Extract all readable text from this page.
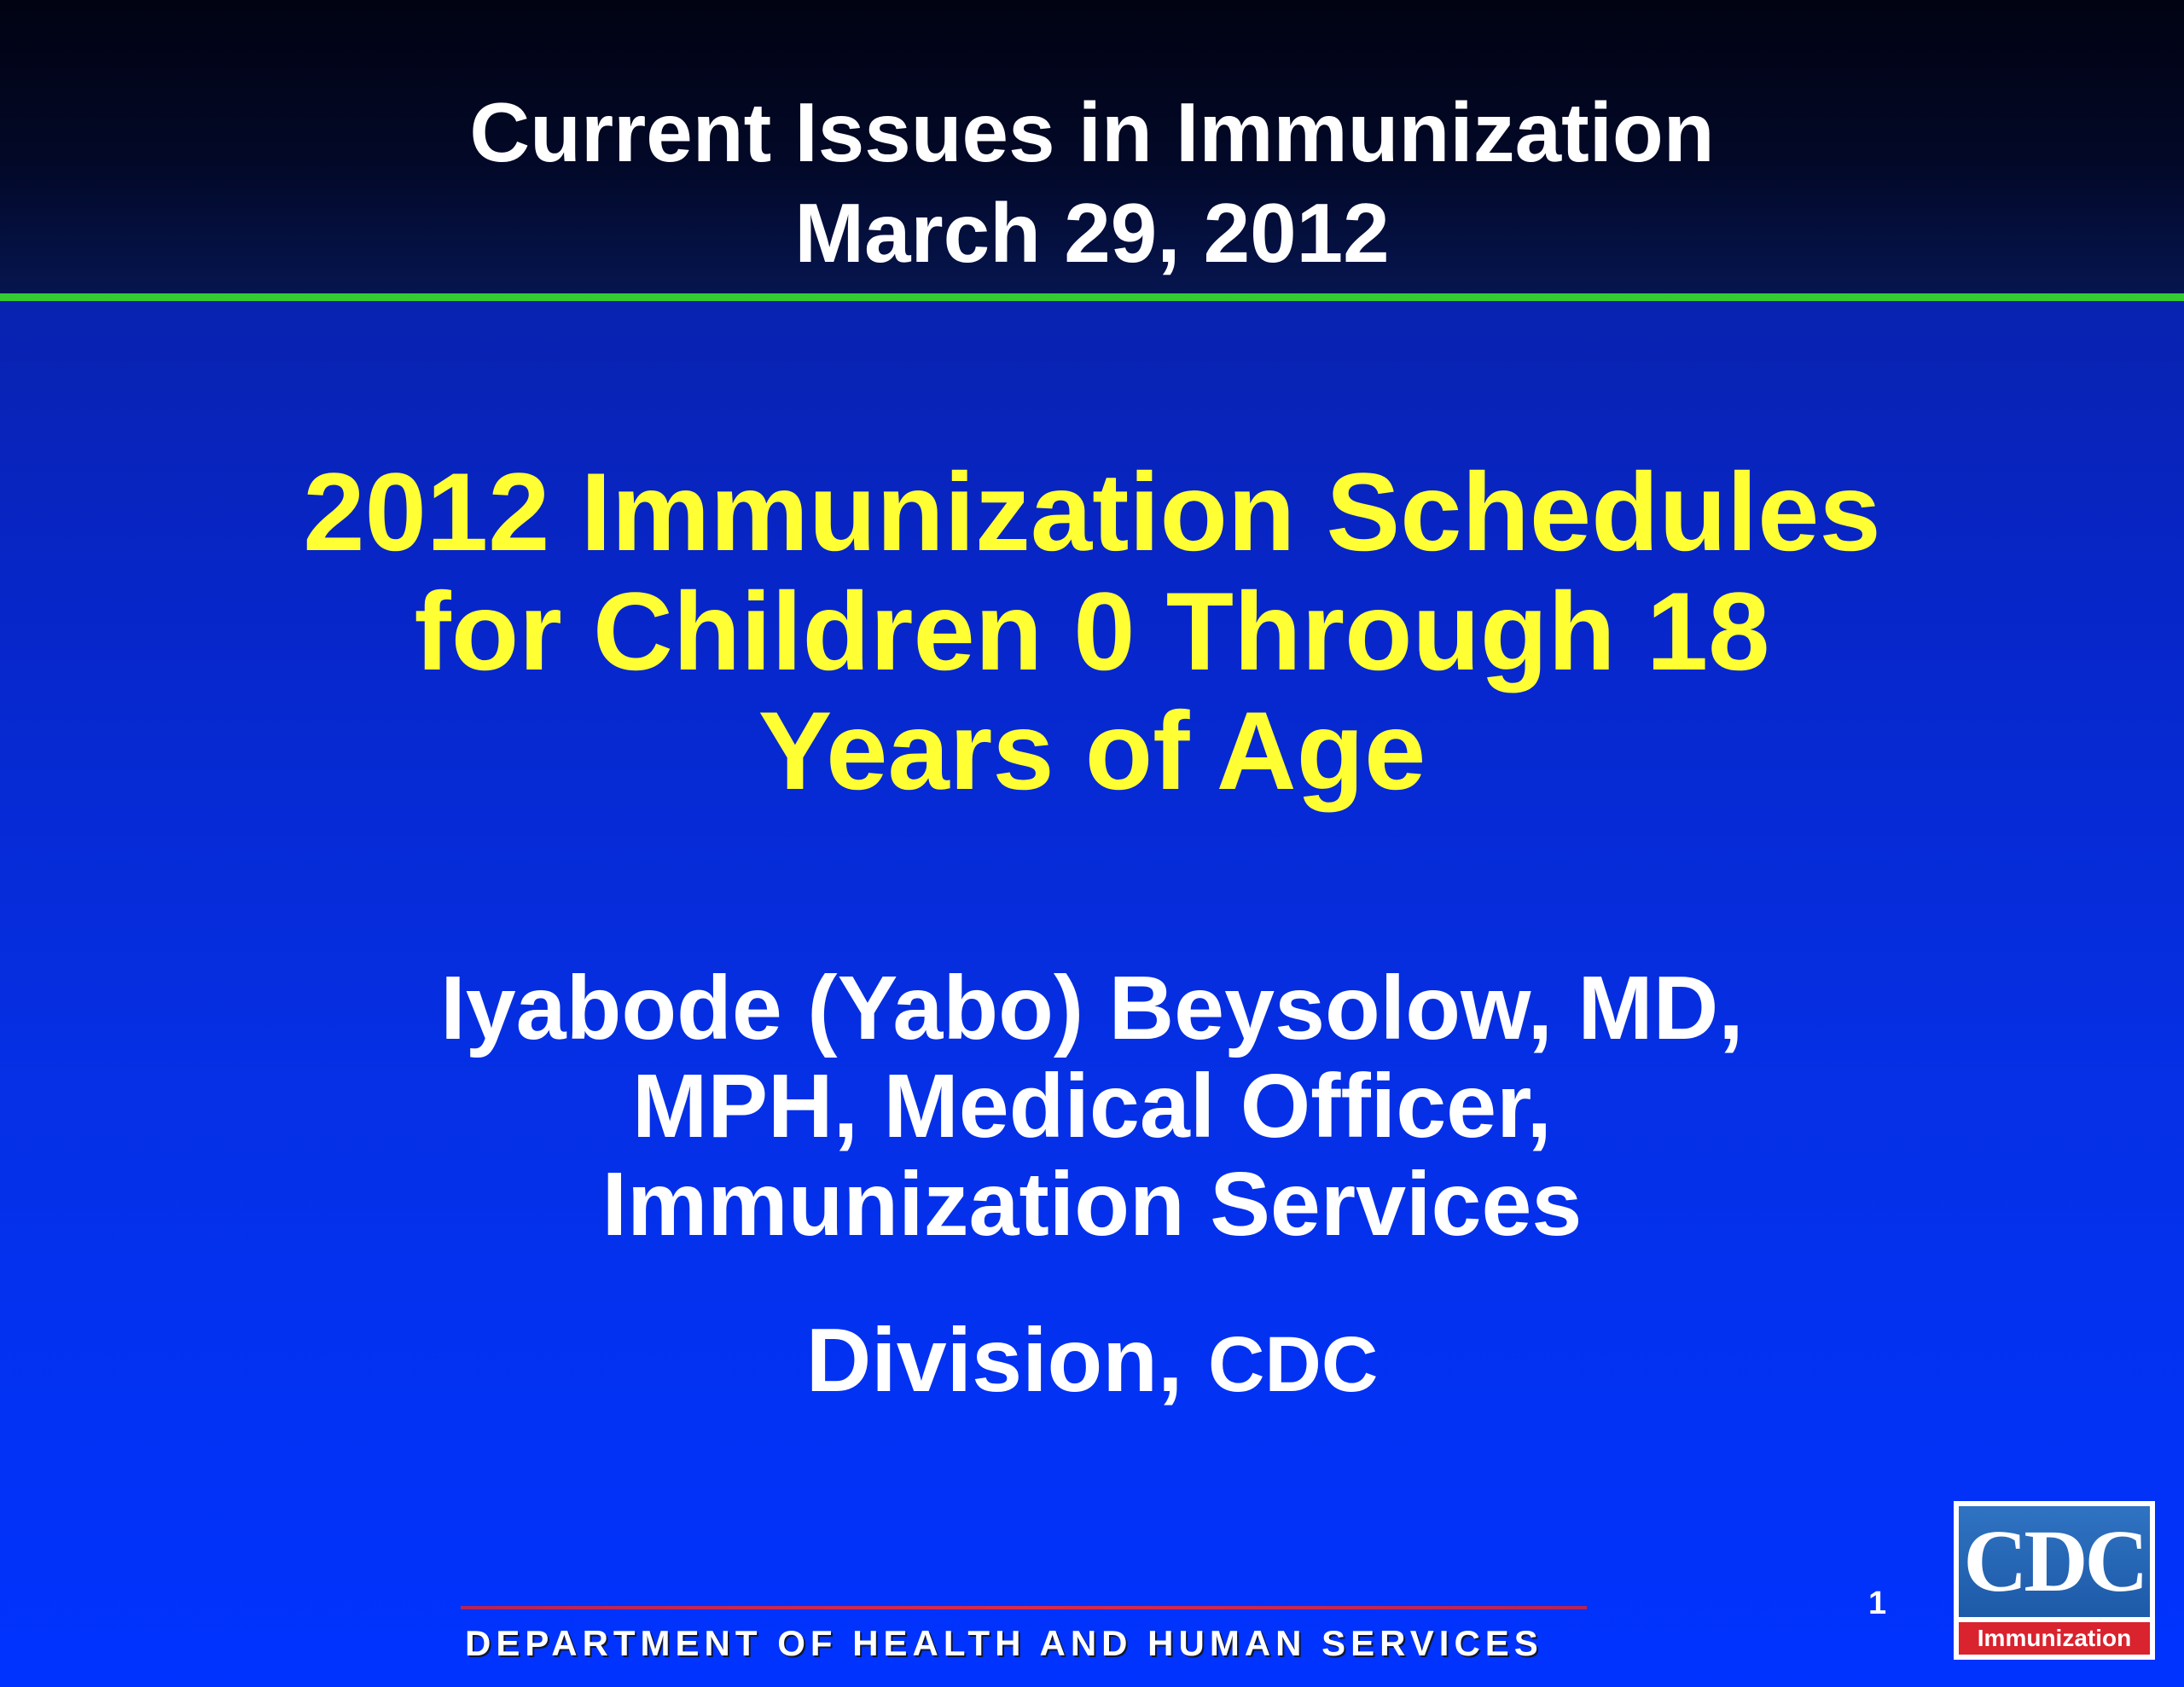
Current Issues in Immunization
March 29, 2012
2012 Immunization Schedules
for Children 0 Through 18
Years of Age
Iyabode (Yabo) Beysolow, MD,
MPH, Medical Officer,
Immunization Services
Division, CDC
DEPARTMENT OF HEALTH AND HUMAN SERVICES
1 CDC
Immunization
